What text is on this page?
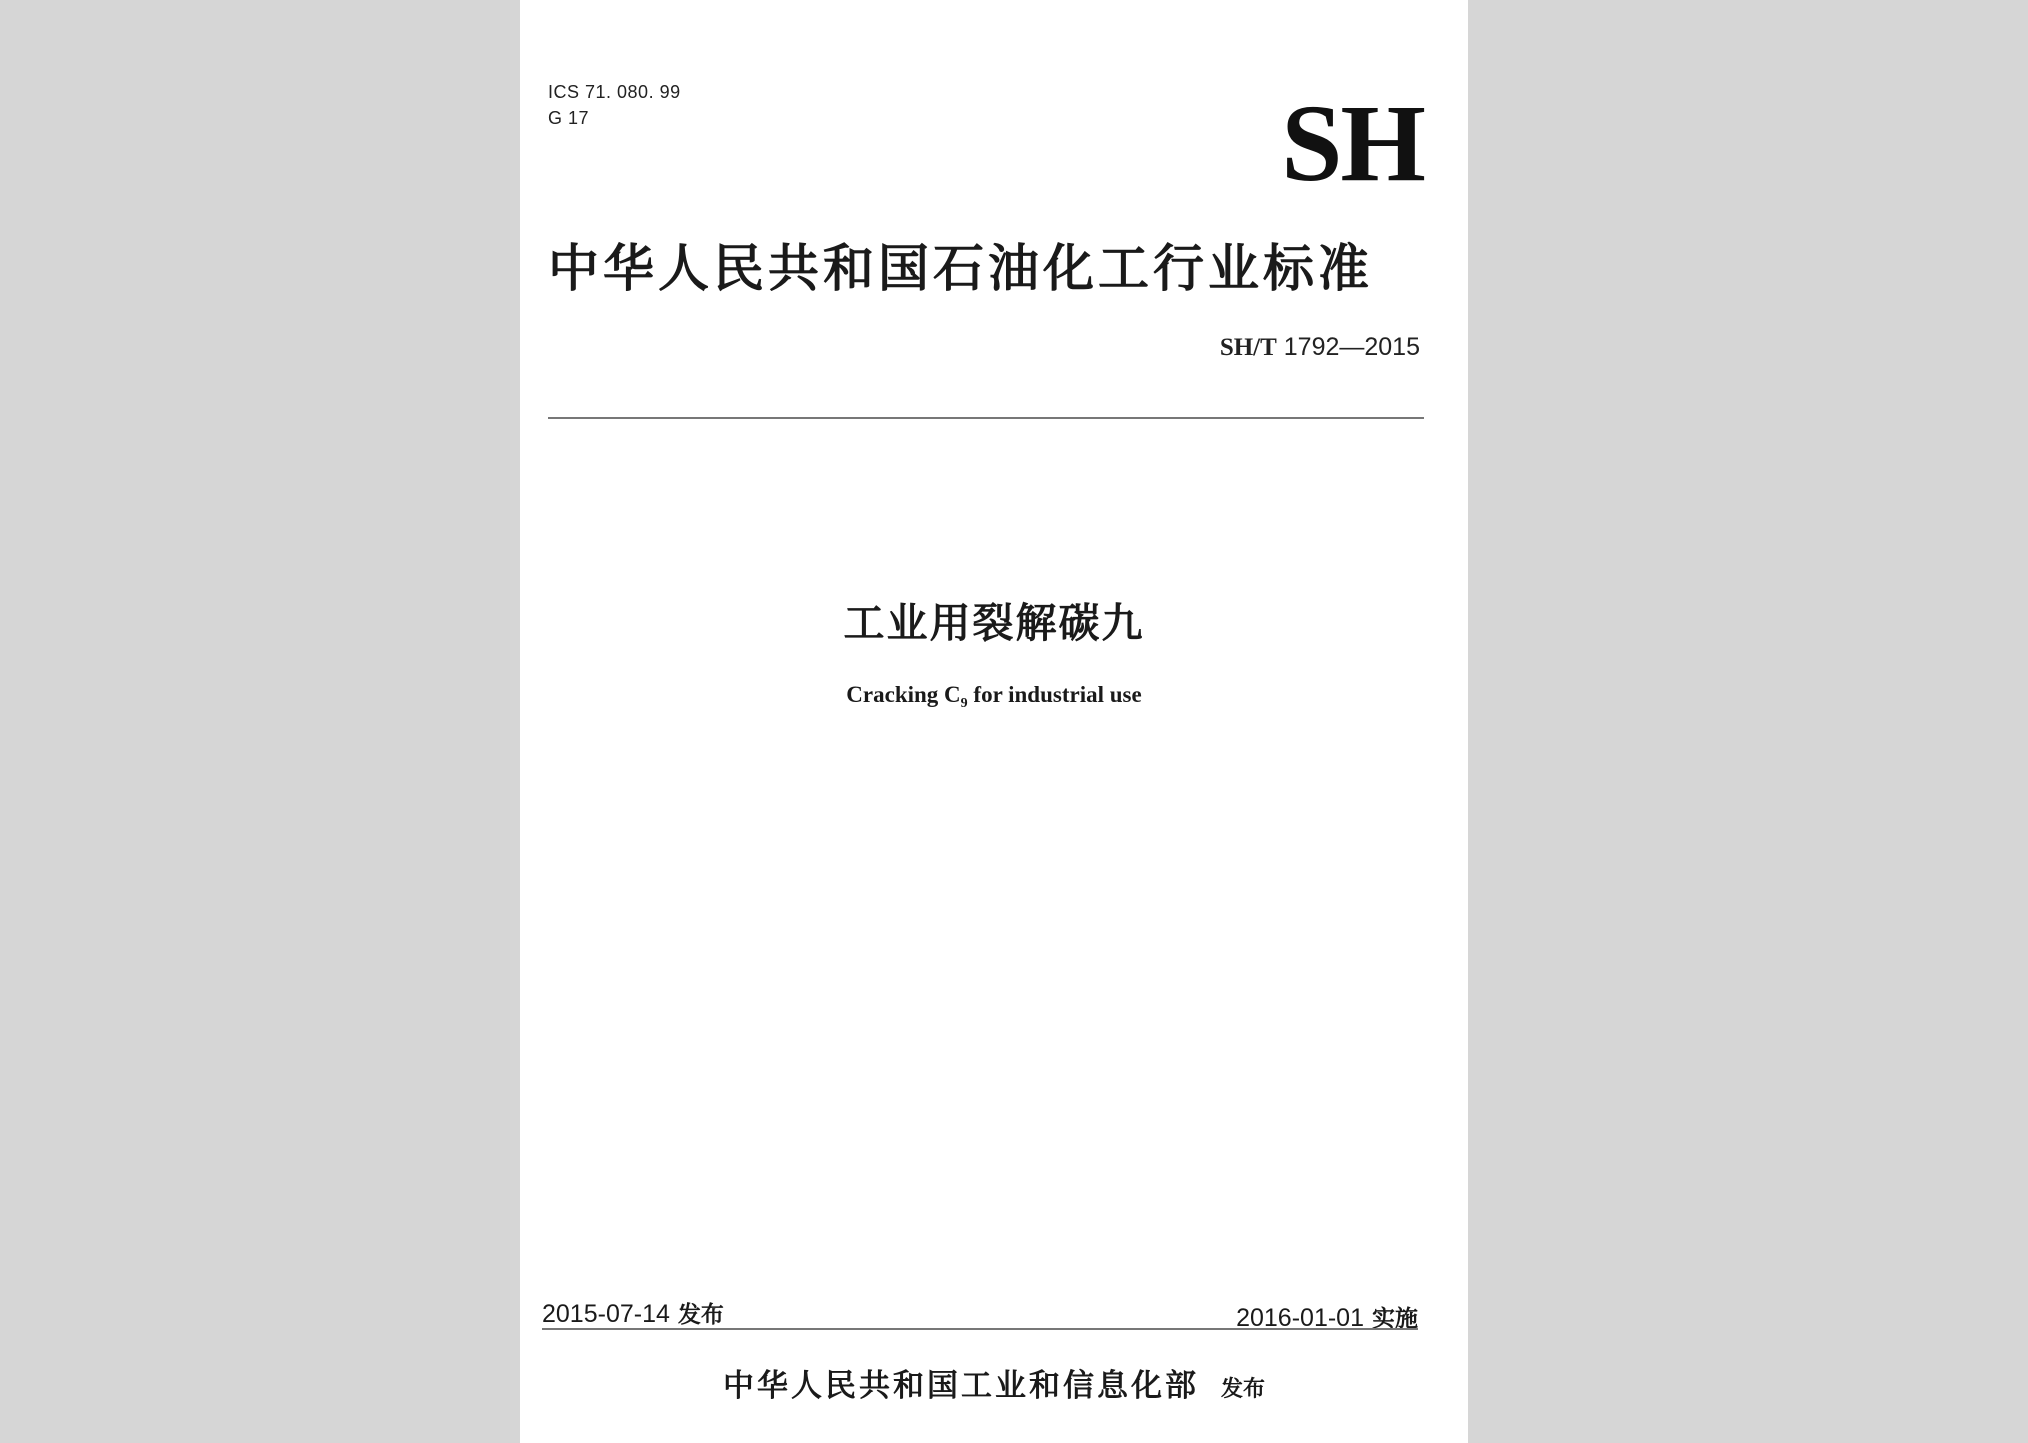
ICS 71. 080. 99
G 17	SH
中华人民共和国石油化工行业标准
SH/T 1792—2015
工业用裂解碳九
Cracking $C_9$ for industrial use
2015-07-14 发布	2016-01-01 实施
中华人民共和国工业和信息化部 发布
